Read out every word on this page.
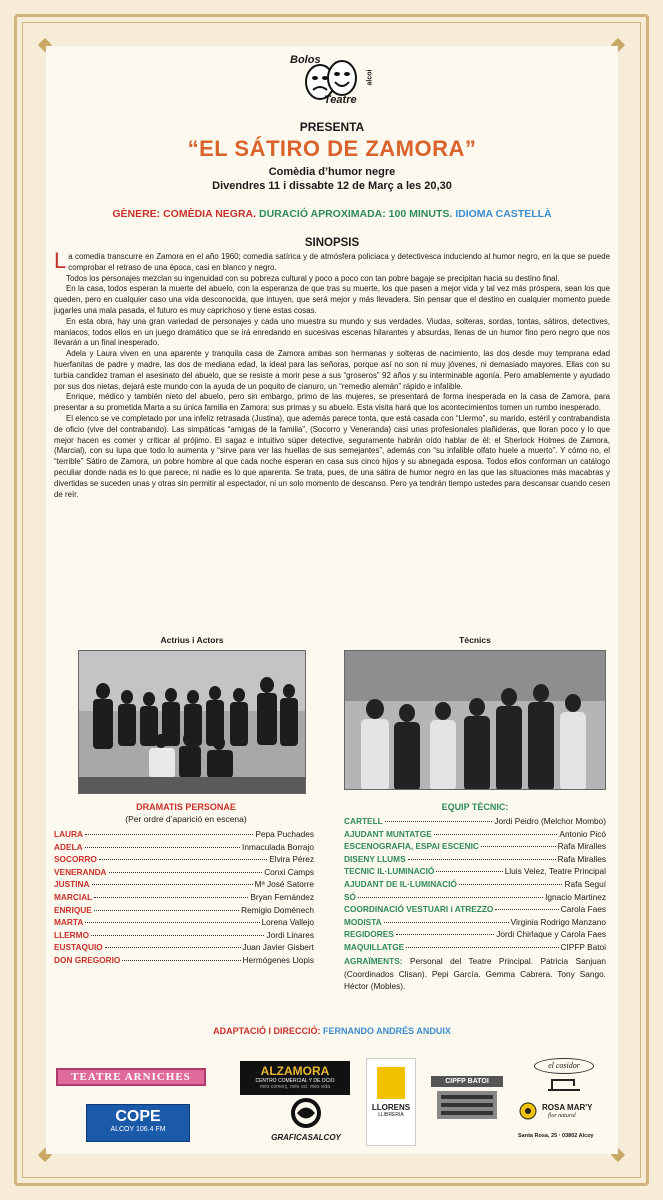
Bolos
Teatre
alcoi
PRESENTA
“EL SÁTIRO DE ZAMORA”
Comèdia d’humor negre
Divendres 11 i dissabte 12 de Març a les 20,30
GÈNERE: COMÈDIA NEGRA. DURACIÓ APROXIMADA: 100 MINUTS. IDIOMA CASTELLÀ
SINOPSIS

La comedia transcurre en Zamora en el año 1960; comedia satírica y de atmósfera policiaca y detectivesca induciendo al humor negro, en la que se puede comprobar el retraso de una época, casi en blanco y negro.

Todos los personajes mezclan su ingenuidad con su pobreza cultural y poco a poco con tan pobre bagaje se precipitan hacia su destino final.

En la casa, todos esperan la muerte del abuelo, con la esperanza de que tras su muerte, los que pasen a mejor vida y tal vez más próspera, sean los que queden, pero en cualquier caso una vida desconocida, que intuyen, que será mejor y más llevadera. Sin pensar que el destino en cualquier momento puede jugarles una mala pasada, el futuro es muy caprichoso y tiene estas cosas.

En esta obra, hay una gran variedad de personajes y cada uno muestra su mundo y sus verdades. Viudas, solteras, sordas, tontas, sátiros, detectives, maniacos, todos ellos en un juego dramático que se irá enredando en sucesivas escenas hilarantes y absurdas, llenas de un humor fino pero negro que nos llevarán a un final inesperado.

Adela y Laura viven en una aparente y tranquila casa de Zamora ambas son hermanas y solteras de nacimiento, las dos desde muy temprana edad huerfanitas de padre y madre, las dos de mediana edad, la ideal para las señoras, porque así no son ni muy jóvenes, ni demasiado mayores. Ellas con su turbia candidez traman el asesinato del abuelo, que se resiste a morir pese a sus “groseros” 92 años y su interminable agonía. Pero amablemente y ayudado por sus dos nietas, dejará este mundo con la ayuda de un poquito de cianuro, un “remedio alemán” rápido e infalible.

Enrique, médico y también nieto del abuelo, pero sin embargo, primo de las mujeres, se presentará de forma inesperada en la casa de Zamora, para presentar a su prometida Marta a su única familia en Zamora: sus primas y su abuelo. Esta visita hará que los acontecimientos tomen un rumbo inesperado.

El elenco se ve completado por una infeliz retrasada (Justina), que además parece tonta, que está casada con “Llermo”, su marido, estéril y contrabandista de oficio (vive del contrabando). Las simpáticas “amigas de la familia”, (Socorro y Veneranda) casi unas profesionales plañideras, que lloran poco y lo que mejor hacen es comer y criticar al prójimo. El sagaz e intuitivo súper detective, seguramente habrán oído hablar de él: el Sherlock Holmes de Zamora, (Marcial), con su lupa que todo lo aumenta y “sirve para ver las huellas de sus semejantes”, además con “su infalible olfato huele a muerto”. Y cómo no, el “terrible” Sátiro de Zamora, un pobre hombre al que cada noche esperan en casa sus cinco hijos y su abnegada esposa. Todos ellos conforman un catálogo peculiar donde nada es lo que parece, ni nadie es lo que aparenta. Se trata, pues, de una sátira de humor negro en las que las situaciones más macabras y divertidas se suceden unas y otras sin permitir al espectador, ni un solo momento de descanso. Pero ya tendrán tiempo ustedes para descansar cuando cesen de reír.

Actrius i Actors	Tècnics
DRAMATIS PERSONAE
(Per ordre d’aparició en escena)
LAURA	Pepa Puchades
ADELA	Inmaculada Borrajo
SOCORRO	Elvira Pérez
VENERANDA	Conxi Camps
JUSTINA	Mª José Satorre
MARCIAL	Bryan Fernández
ENRIQUE	Remigio Doménech
MARTA	Lorena Vallejo
LLERMO	Jordi Linares
EUSTAQUIO	Juan Javier Gisbert
DON GREGORIO	Hermógenes Llopis
EQUIP TÈCNIC:
CARTELL	Jordi Peidro (Melchor Mombo)
AJUDANT MUNTATGE	Antonio Picó
ESCENOGRAFIA, ESPAI ESCENIC	Rafa Miralles
DISENY LLUMS	Rafa Miralles
TECNIC IL·LUMINACIÓ	Lluis Velez, Teatre Principal
AJUDANT DE IL·LUMINACIÓ	Rafa Seguí
SÓ	Ignacio Martinez
COORDINACIÓ VESTUARI i ATREZZO	Carola Faes
MODISTA	Virginia Rodrigo Manzano
REGIDORES	Jordi Chirlaque y Carola Faes
MAQUILLATGE	CIPFP Batoi
AGRAÏMENTS: Personal del Teatre Principal. Patricia Sanjuan (Coordinados Clisan). Pepi García. Gemma Cabrera. Tony Sango. Héctor (Mobles).
ADAPTACIÓ I DIRECCIÓ: FERNANDO ANDRÉS ANDUIX
TEATRE ARNICHES	ALZAMORA
CENTRO COMERCIAL Y DE OCIO
més comerç, més oci, més vida
COPE
ALCOY 106.4 FM
GRAFICASALCOY
LLORENS
LLIBRERIA
CIPFP BATOI
el cosidor
ROSA MAR'Y
flor natural
Santa Rosa, 25 · 03802 Alcoy
